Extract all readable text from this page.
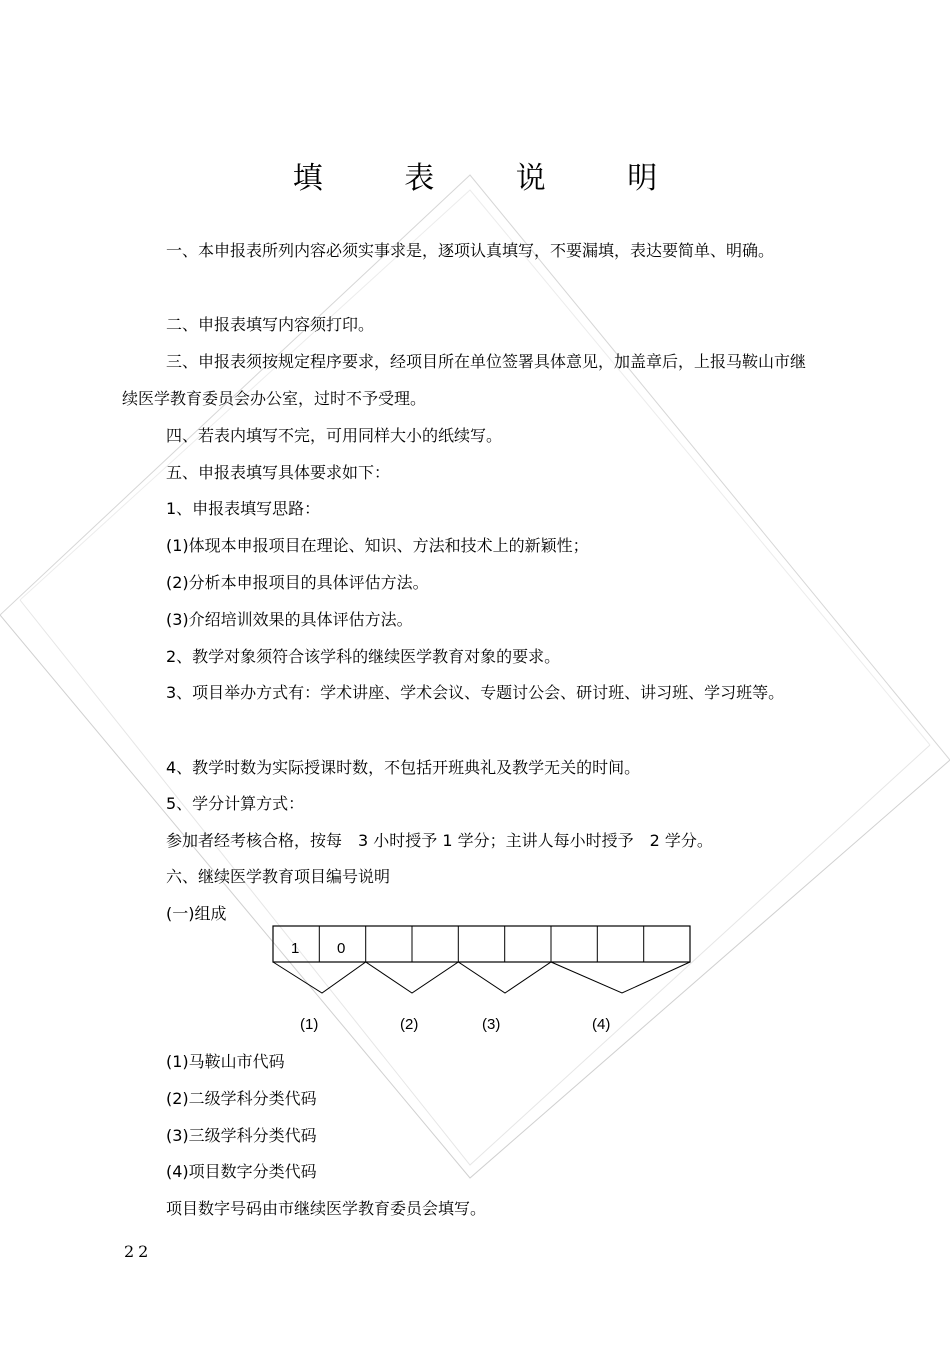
填 表 说 明

一、本申报表所列内容必须实事求是，逐项认真填写，不要漏填，表达要简单、明确。

二、申报表填写内容须打印。

三、申报表须按规定程序要求，经项目所在单位签署具体意见，加盖章后，上报马鞍山市继续医学教育委员会办公室，过时不予受理。

四、若表内填写不完，可用同样大小的纸续写。

五、申报表填写具体要求如下：

1、申报表填写思路：
(1)体现本申报项目在理论、知识、方法和技术上的新颖性；
(2)分析本申报项目的具体评估方法。
(3)介绍培训效果的具体评估方法。
2、教学对象须符合该学科的继续医学教育对象的要求。

3、项目举办方式有：学术讲座、学术会议、专题讨公会、研讨班、讲习班、学习班等。

4、教学时数为实际授课时数，不包括开班典礼及教学无关的时间。
5、学分计算方式：
参加者经考核合格，按每　3 小时授予 1 学分；主讲人每小时授予　2 学分。
六、继续医学教育项目编号说明
(一)组成
1	0
(1)	(2)	(3)	(4)
(1)马鞍山市代码
(2)二级学科分类代码
(3)三级学科分类代码
(4)项目数字分类代码
项目数字号码由市继续医学教育委员会填写。
22
